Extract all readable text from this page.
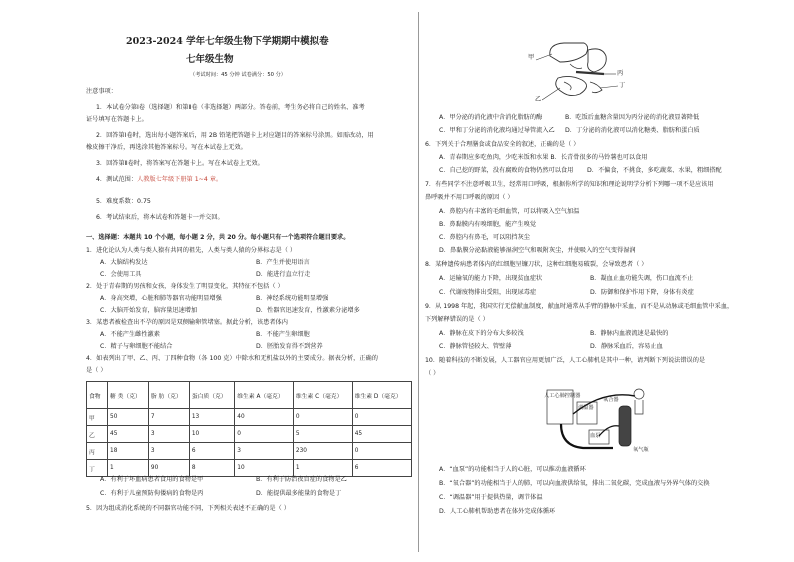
2023-2024 学年七年级生物下学期期中模拟卷
七年级生物
（考试时间：45 分钟 试卷满分：50 分）
注意事项：
1．本试卷分第Ⅰ卷（选择题）和第Ⅱ卷（非选择题）两部分。答卷前，考生务必将自己的姓名、准考
证号填写在答题卡上。
2．回答第Ⅰ卷时，选出每小题答案后，用 2B 铅笔把答题卡上对应题目的答案标号涂黑。如需改动，用
橡皮擦干净后，再选涂其他答案标号。写在本试卷上无效。
3．回答第Ⅱ卷时，将答案写在答题卡上。写在本试卷上无效。
4．测试范围：人教版七年级下册第 1~4 章。
5．难度系数：0.75
6．考试结束后，将本试卷和答题卡一并交回。
一、选择题：本题共 10 个小题，每小题 2 分，共 20 分。每小题只有一个选项符合题目要求。
1．进化论认为人类与类人猿有共同的祖先，人类与类人猿的分界标志是（ ）
A．大脑结构发达	B．产生并使用语言
C．会使用工具	D．能进行直立行走
2．处于青春期的男孩和女孩，身体发生了明显变化，其特征不包括（ ）
A．身高突增，心脏和肺等器官功能明显增强	B．神经系统功能明显增强
C．大脑开始发育，脑容量迅速增加	D．性器官迅速发育，性激素分泌增多
3．某患者被检查出不孕的原因是双侧输卵管堵塞。据此分析，该患者体内
A．不能产生雌性激素	B．不能产生卵细胞
C．精子与卵细胞不能结合	D．胚胎发育得不到营养
4．如表列出了甲、乙、丙、丁四种食物（各 100 克）中除水和无机盐以外的主要成分。据表分析，正确的
是（ ）
食物	糖 类（克）	脂 肪（克）	蛋白质（克）	维生素 A（毫克）	维生素 C（毫克）	维生素 D（毫克）
甲	50	7	13	40	0	0
乙	45	3	10	0	5	45
丙	18	3	6	3	230	0
丁	1	90	8	10	1	6
A．有利于坏血病患者食用的食物是甲	B．有利于防治夜盲症的食物是乙
C．有利于儿童预防佝偻病的食物是丙	D．能提供最多能量的食物是丁
5．因为组成消化系统的不同器官功能不同，下列相关表述不正确的是（ ）
甲
丙
丁
乙
A．甲分泌的消化液中含消化脂肪的酶	B．吃饭后血糖含量因为丙分泌的消化液显著降低
C．甲和丁分泌的消化液均通过导管流入乙 D．丁分泌的消化液可以消化糖类、脂肪和蛋白质
6．下列关于合理膳食或食品安全的叙述，正确的是（ ）
A．青春期应多吃鱼肉，少吃米饭和水果 B．长青骨很多的马铃薯也可以食用
C．自己挖的野菜，没有腐败的食物仍然可以食用 D．不偏食，不挑食，多吃蔬菜、水果，粗细搭配
7．有些同学不注意呼吸卫生，经常用口呼吸，根据你所学的知识和理论说明学分析下列哪一项不是应该用
鼻呼吸并不用口呼吸的原因（ ）
A．鼻腔内有丰富的毛细血管，可以将吸入空气加温
B．鼻黏膜内有嗅细胞，能产生嗅觉
C．鼻腔内有鼻毛，可以阻挡灰尘
D．鼻黏膜分泌黏液能够湿润空气和吸附灰尘，并使吸入的空气变得湿润
8．某种遗传病患者体内的红细胞呈镰刀状，这种红细胞易破裂，会导致患者（ ）
A．运输氧的能力下降，出现贫血症状	B．凝血止血功能失调，伤口血流不止
C．代谢废物排出受阻，出现尿毒症	D．防御和保护作用下降，身体有炎症
9．从 1998 年起，我国实行无偿献血制度，献血时通常从手臂的静脉中采血，而不是从动脉或毛细血管中采血，
下列解释错误的是（ ）
A．静脉在皮下的分布大多较浅	B．静脉内血液流速是最快的
C．静脉管径较大、管壁薄	D．静脉采血后，容易止血
10．随着科技的不断发展，人工器官应用更加广泛，人工心肺机是其中一种，请判断下列说法错误的是
（ ）
人工心肺控制器
调温器
血泵
氧合器
氧气瓶
A．“血泵”的功能相当于人的心脏，可以推动血液循环
B．“氧合器”的功能相当于人的肺，可以向血液供给氧，排出二氧化碳，完成血液与外界气体的交换
C．“调温器”用于提供热量，调节体温
D．人工心肺机帮助患者在体外完成体循环
